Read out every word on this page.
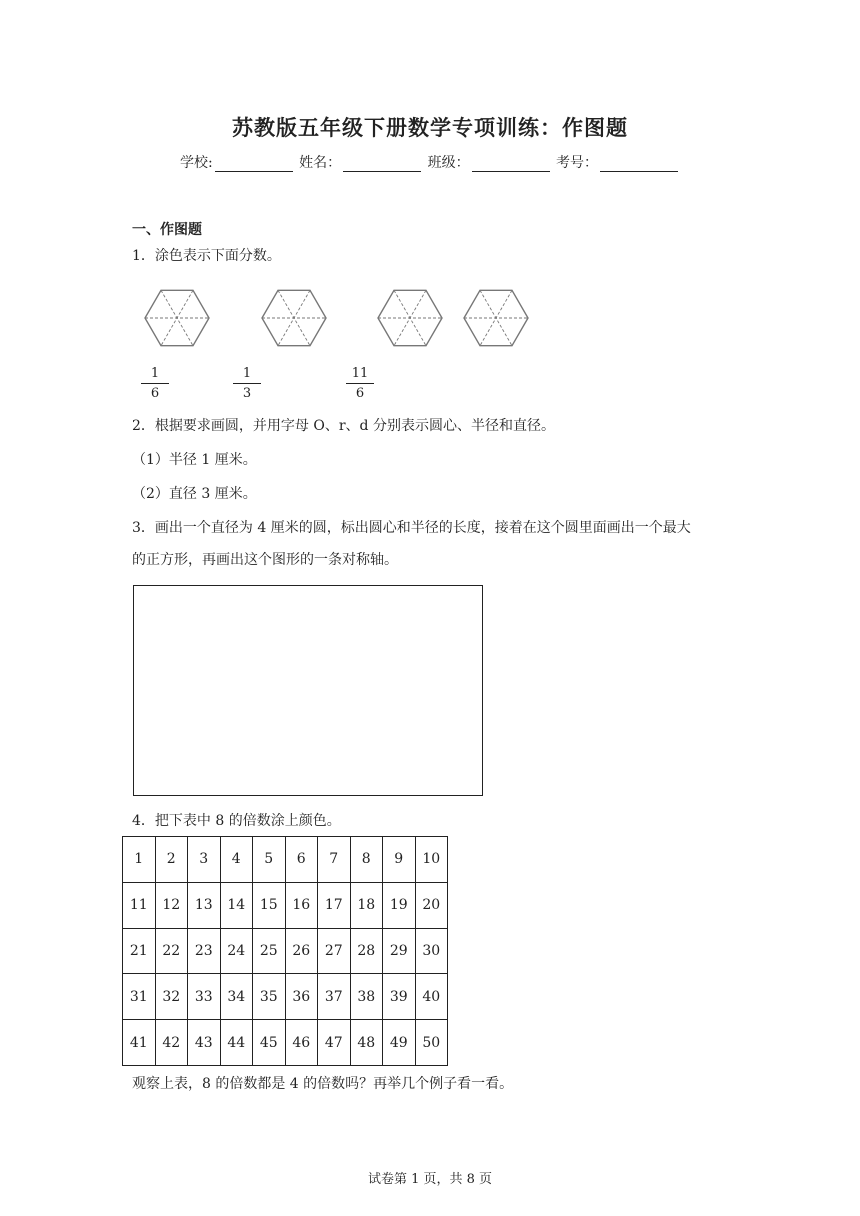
苏教版五年级下册数学专项训练：作图题
学校:	姓名：	班级：	考号：
一、作图题
1．涂色表示下面分数。
$\frac{1}{6}$	$\frac{1}{3}$	$\frac{11}{6}$
2．根据要求画圆，并用字母 O、r、d 分别表示圆心、半径和直径。
（1）半径 1 厘米。
（2）直径 3 厘米。
3．画出一个直径为 4 厘米的圆，标出圆心和半径的长度，接着在这个圆里面画出一个最大
的正方形，再画出这个图形的一条对称轴。
4．把下表中 8 的倍数涂上颜色。
1	2	3	4	5	6	7	8	9	10
11	12	13	14	15	16	17	18	19	20
21	22	23	24	25	26	27	28	29	30
31	32	33	34	35	36	37	38	39	40
41	42	43	44	45	46	47	48	49	50
观察上表，8 的倍数都是 4 的倍数吗？再举几个例子看一看。
试卷第 1 页，共 8 页
